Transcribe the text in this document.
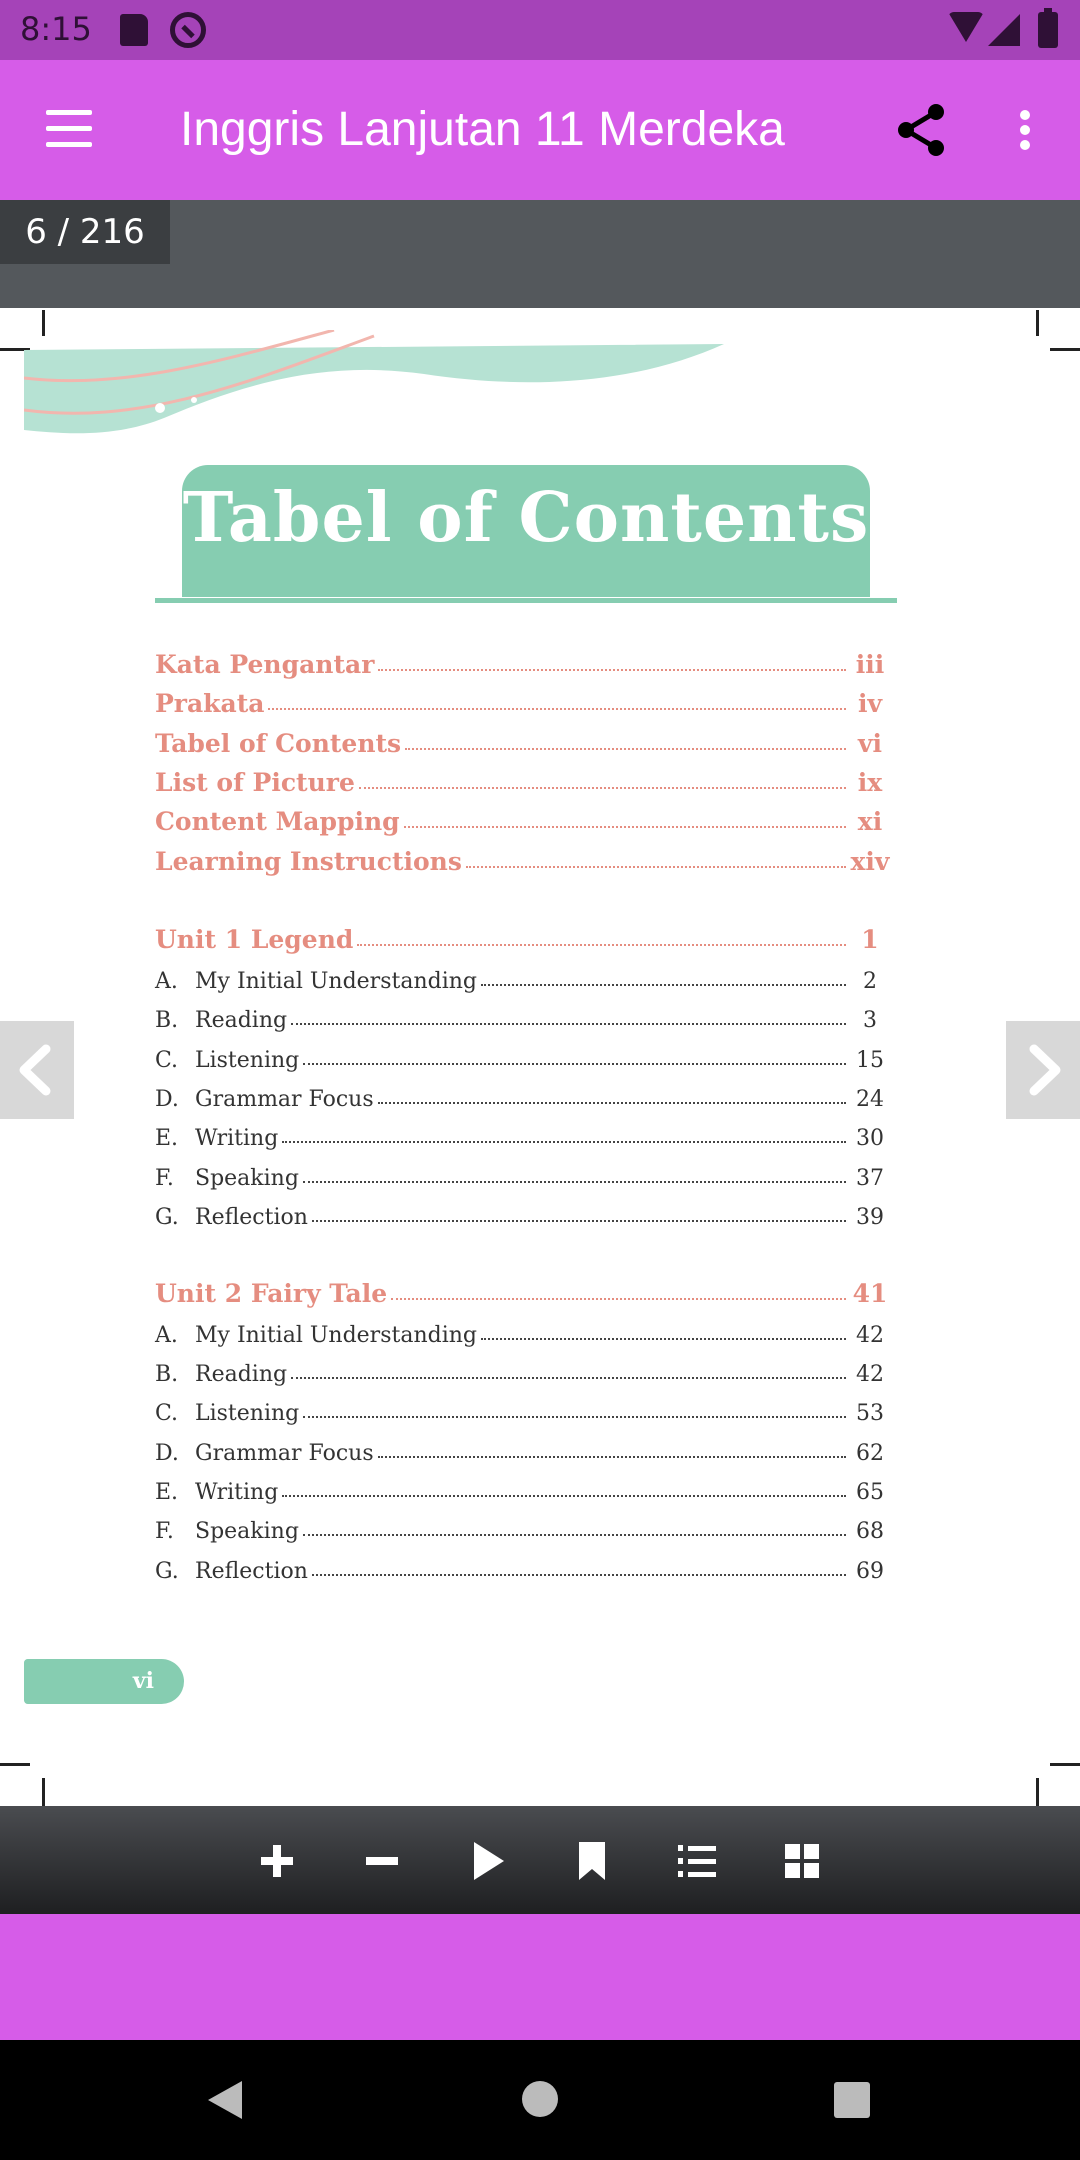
8:15
Inggris Lanjutan 11 Merdeka
6 / 216
Tabel of Contents
Kata Pengantar	iii
Prakata	iv
Tabel of Contents	vi
List of Picture	ix
Content Mapping	xi
Learning Instructions	xiv
Unit 1 Legend	1
A. My Initial Understanding	2
B. Reading	3
C. Listening	15
D. Grammar Focus	24
E. Writing	30
F. Speaking	37
G. Reflection	39
Unit 2 Fairy Tale	41
A. My Initial Understanding	42
B. Reading	42
C. Listening	53
D. Grammar Focus	62
E. Writing	65
F. Speaking	68
G. Reflection	69
vi
